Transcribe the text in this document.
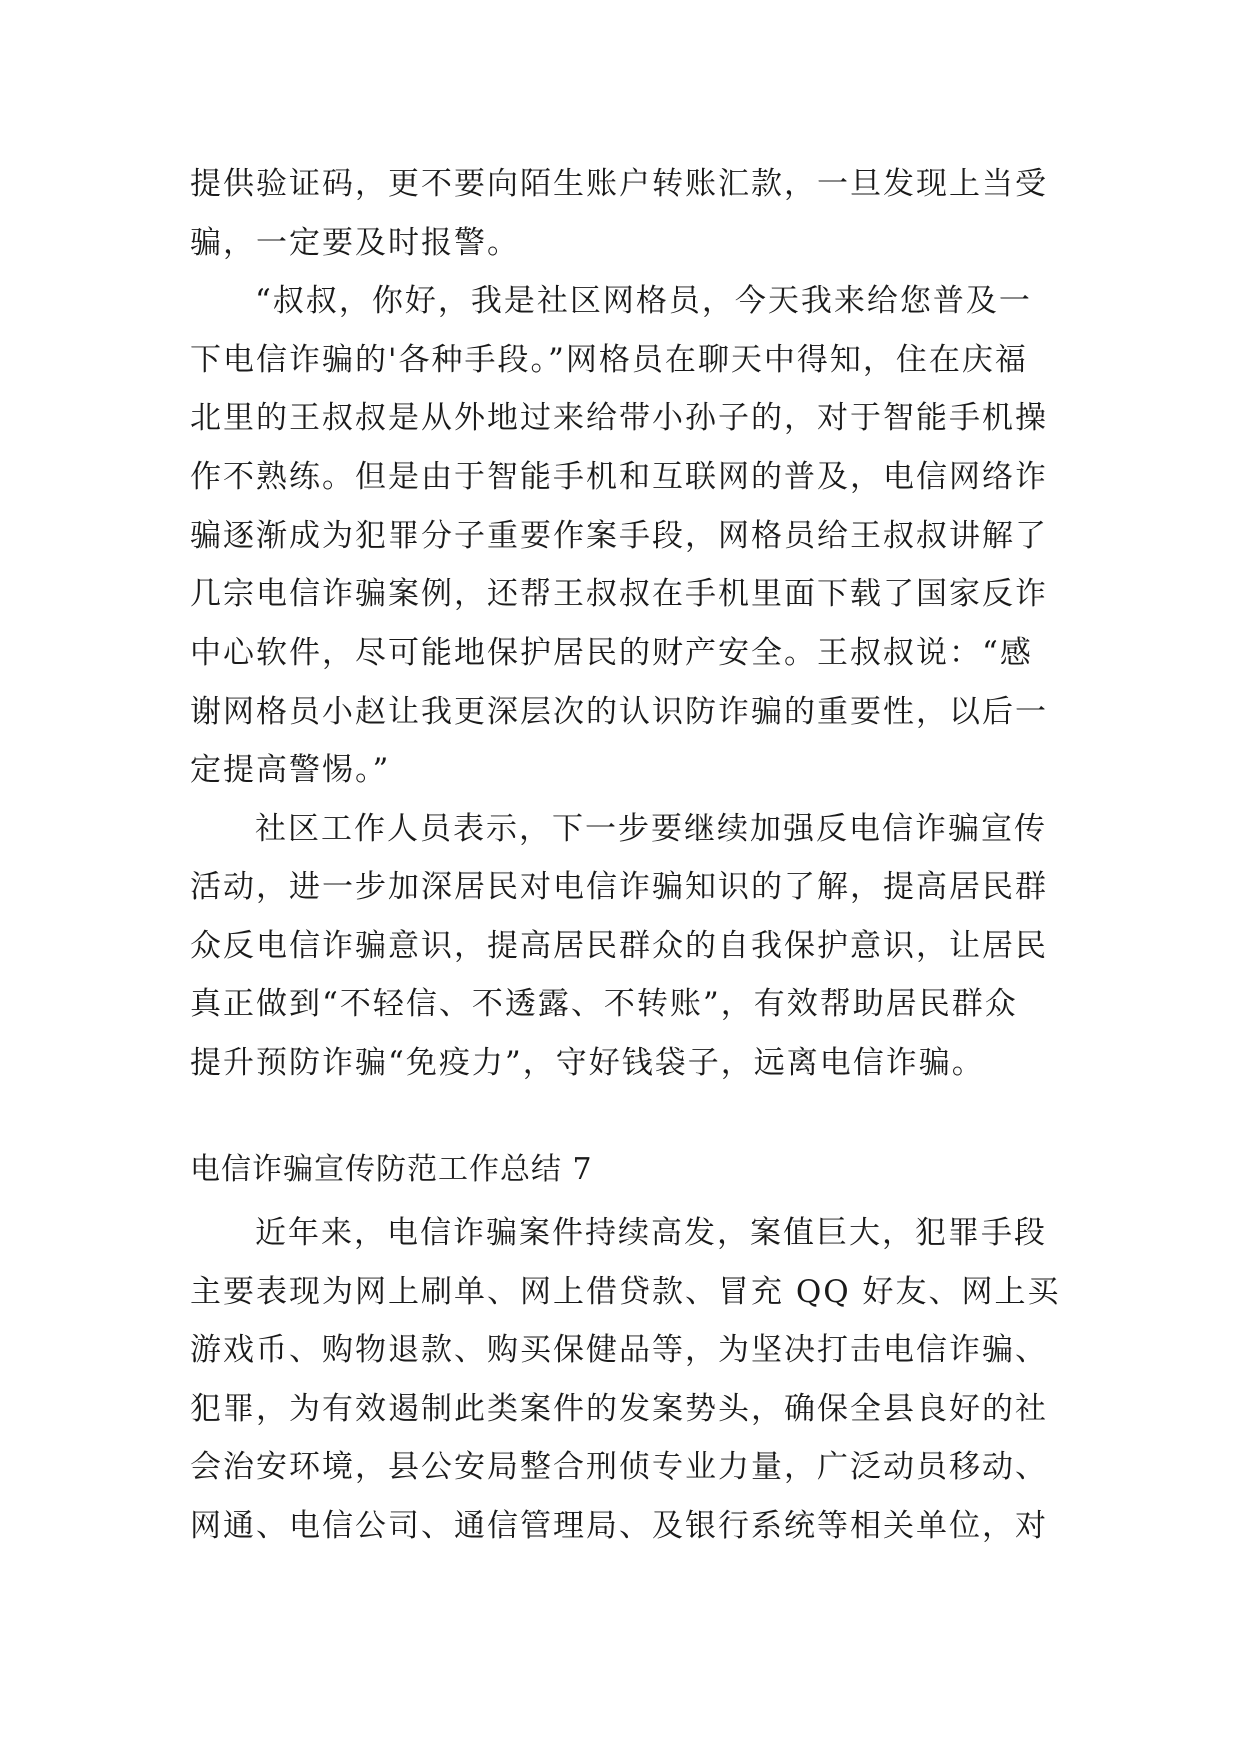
提供验证码，更不要向陌生账户转账汇款，一旦发现上当受
骗，一定要及时报警。
“叔叔，你好，我是社区网格员，今天我来给您普及一
下电信诈骗的'各种手段。”网格员在聊天中得知，住在庆福
北里的王叔叔是从外地过来给带小孙子的，对于智能手机操
作不熟练。但是由于智能手机和互联网的普及，电信网络诈
骗逐渐成为犯罪分子重要作案手段，网格员给王叔叔讲解了
几宗电信诈骗案例，还帮王叔叔在手机里面下载了国家反诈
中心软件，尽可能地保护居民的财产安全。王叔叔说：“感
谢网格员小赵让我更深层次的认识防诈骗的重要性，以后一
定提高警惕。”
社区工作人员表示，下一步要继续加强反电信诈骗宣传
活动，进一步加深居民对电信诈骗知识的了解，提高居民群
众反电信诈骗意识，提高居民群众的自我保护意识，让居民
真正做到“不轻信、不透露、不转账”，有效帮助居民群众
提升预防诈骗“免疫力”，守好钱袋子，远离电信诈骗。
电信诈骗宣传防范工作总结 7
近年来，电信诈骗案件持续高发，案值巨大，犯罪手段
主要表现为网上刷单、网上借贷款、冒充 QQ 好友、网上买
游戏币、购物退款、购买保健品等，为坚决打击电信诈骗、
犯罪，为有效遏制此类案件的发案势头，确保全县良好的社
会治安环境，县公安局整合刑侦专业力量，广泛动员移动、
网通、电信公司、通信管理局、及银行系统等相关单位，对
